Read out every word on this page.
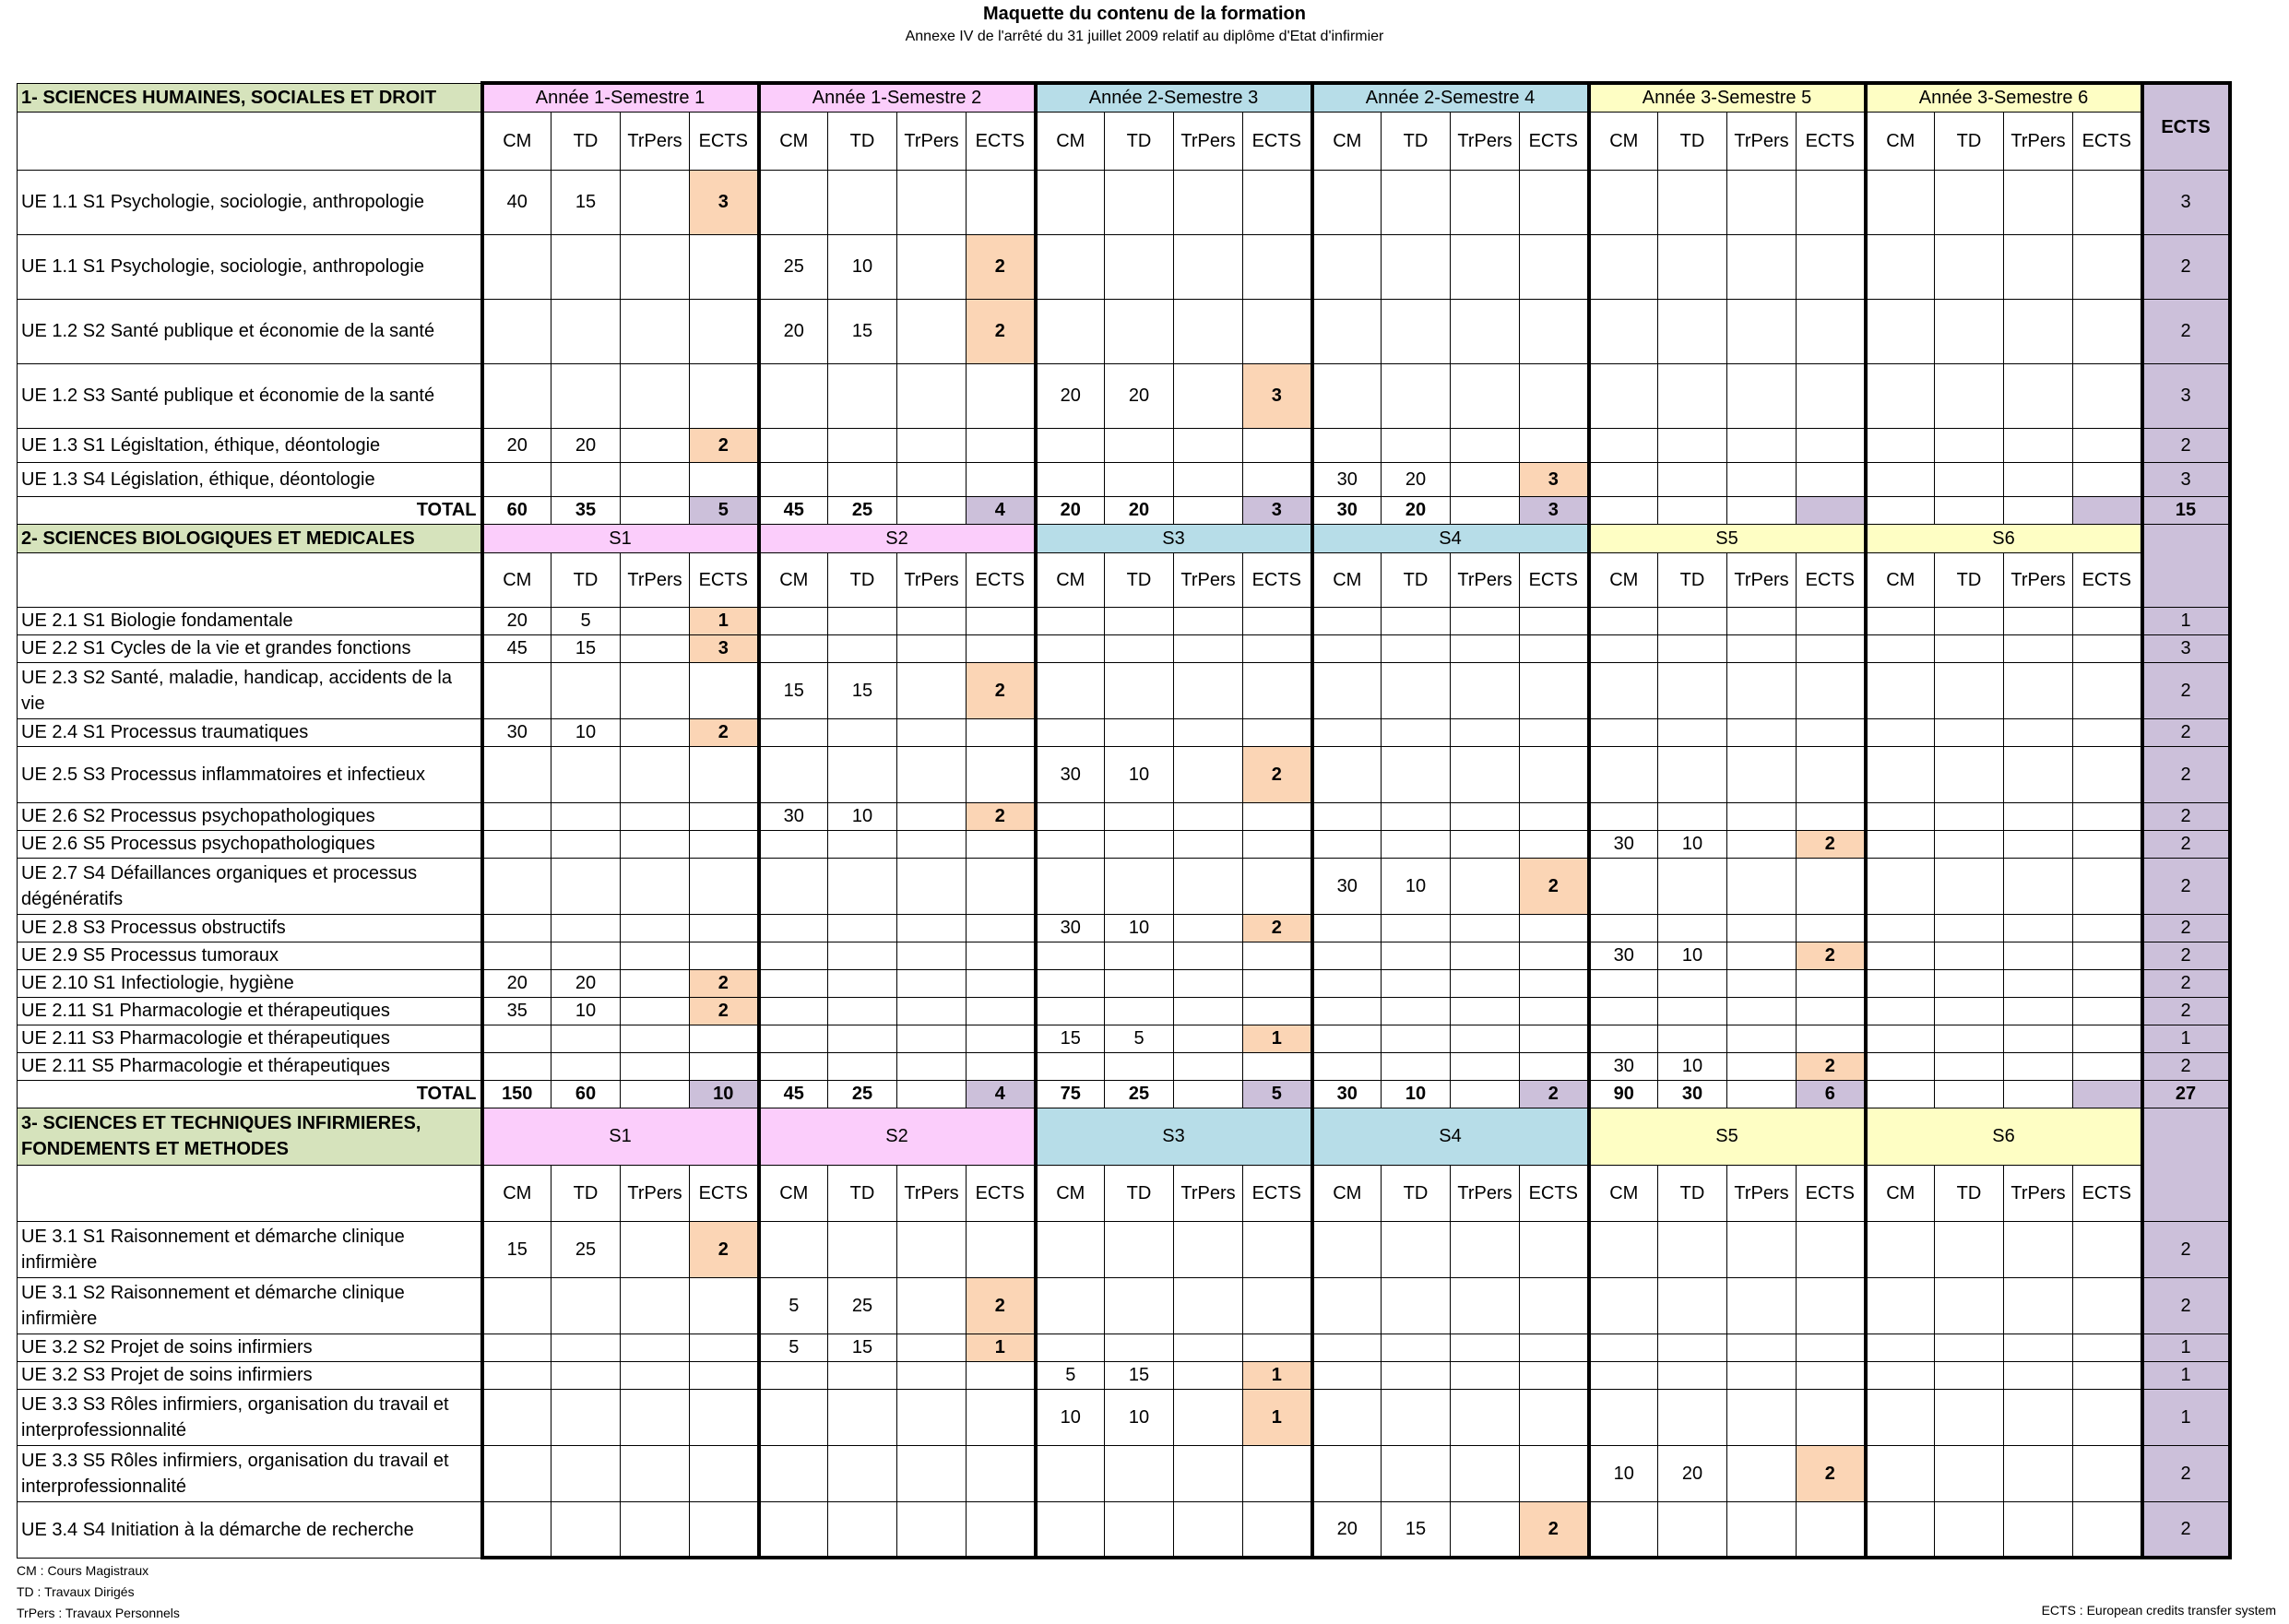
Maquette du contenu de la formation
Annexe IV de l'arrêté du 31 juillet 2009 relatif au diplôme d'Etat d'infirmier
1- SCIENCES HUMAINES, SOCIALES ET DROIT	Année 1-Semestre 1				Année 1-Semestre 2				Année 2-Semestre 3				Année 2-Semestre 4				Année 3-Semestre 5				Année 3-Semestre 6				ECTS
	CM	TD	TrPers	ECTS	CM	TD	TrPers	ECTS	CM	TD	TrPers	ECTS	CM	TD	TrPers	ECTS	CM	TD	TrPers	ECTS	CM	TD	TrPers	ECTS	
UE 1.1 S1 Psychologie, sociologie, anthropologie	40	15		3																					3
UE 1.1 S1 Psychologie, sociologie, anthropologie					25	10		2																	2
UE 1.2 S2 Santé publique et économie de la santé					20	15		2																	2
UE 1.2 S3 Santé publique et économie de la santé									20	20		3													3
UE 1.3 S1 Législtation, éthique, déontologie	20	20		2																					2
UE 1.3 S4 Législation, éthique, déontologie													30	20		3									3
TOTAL	60	35		5	45	25		4	20	20		3	30	20		3									15
2- SCIENCES BIOLOGIQUES ET MEDICALES	S1				S2				S3				S4				S5				S6				
	CM	TD	TrPers	ECTS	CM	TD	TrPers	ECTS	CM	TD	TrPers	ECTS	CM	TD	TrPers	ECTS	CM	TD	TrPers	ECTS	CM	TD	TrPers	ECTS	
UE 2.1 S1 Biologie fondamentale	20	5		1																					1
UE 2.2 S1 Cycles de la vie et grandes fonctions	45	15		3																					3
UE 2.3 S2 Santé, maladie, handicap, accidents de la vie					15	15		2																	2
UE 2.4 S1 Processus traumatiques	30	10		2																					2
UE 2.5 S3 Processus inflammatoires et infectieux									30	10		2													2
UE 2.6 S2 Processus psychopathologiques					30	10		2																	2
UE 2.6 S5 Processus psychopathologiques																	30	10		2					2
UE 2.7 S4 Défaillances organiques et processus dégénératifs													30	10		2									2
UE 2.8 S3 Processus obstructifs									30	10		2													2
UE 2.9 S5 Processus tumoraux																	30	10		2					2
UE 2.10 S1 Infectiologie, hygiène	20	20		2																					2
UE 2.11 S1 Pharmacologie et thérapeutiques	35	10		2																					2
UE 2.11 S3 Pharmacologie et thérapeutiques									15	5		1													1
UE 2.11 S5 Pharmacologie et thérapeutiques																	30	10		2					2
TOTAL	150	60		10	45	25		4	75	25		5	30	10		2	90	30		6					27
3- SCIENCES ET TECHNIQUES INFIRMIERES, FONDEMENTS ET METHODES	S1				S2				S3				S4				S5				S6				
	CM	TD	TrPers	ECTS	CM	TD	TrPers	ECTS	CM	TD	TrPers	ECTS	CM	TD	TrPers	ECTS	CM	TD	TrPers	ECTS	CM	TD	TrPers	ECTS	
UE 3.1 S1 Raisonnement et démarche clinique infirmière	15	25		2																					2
UE 3.1 S2 Raisonnement et démarche clinique infirmière					5	25		2																	2
UE 3.2 S2 Projet de soins infirmiers					5	15		1																	1
UE 3.2 S3 Projet de soins infirmiers									5	15		1													1
UE 3.3 S3 Rôles infirmiers, organisation du travail et interprofessionnalité									10	10		1													1
UE 3.3 S5 Rôles infirmiers, organisation du travail et interprofessionnalité																	10	20		2					2
UE 3.4 S4 Initiation à la démarche de recherche													20	15		2									2
CM : Cours Magistraux
TD : Travaux Dirigés
TrPers : Travaux Personnels	ECTS : European credits transfer system
